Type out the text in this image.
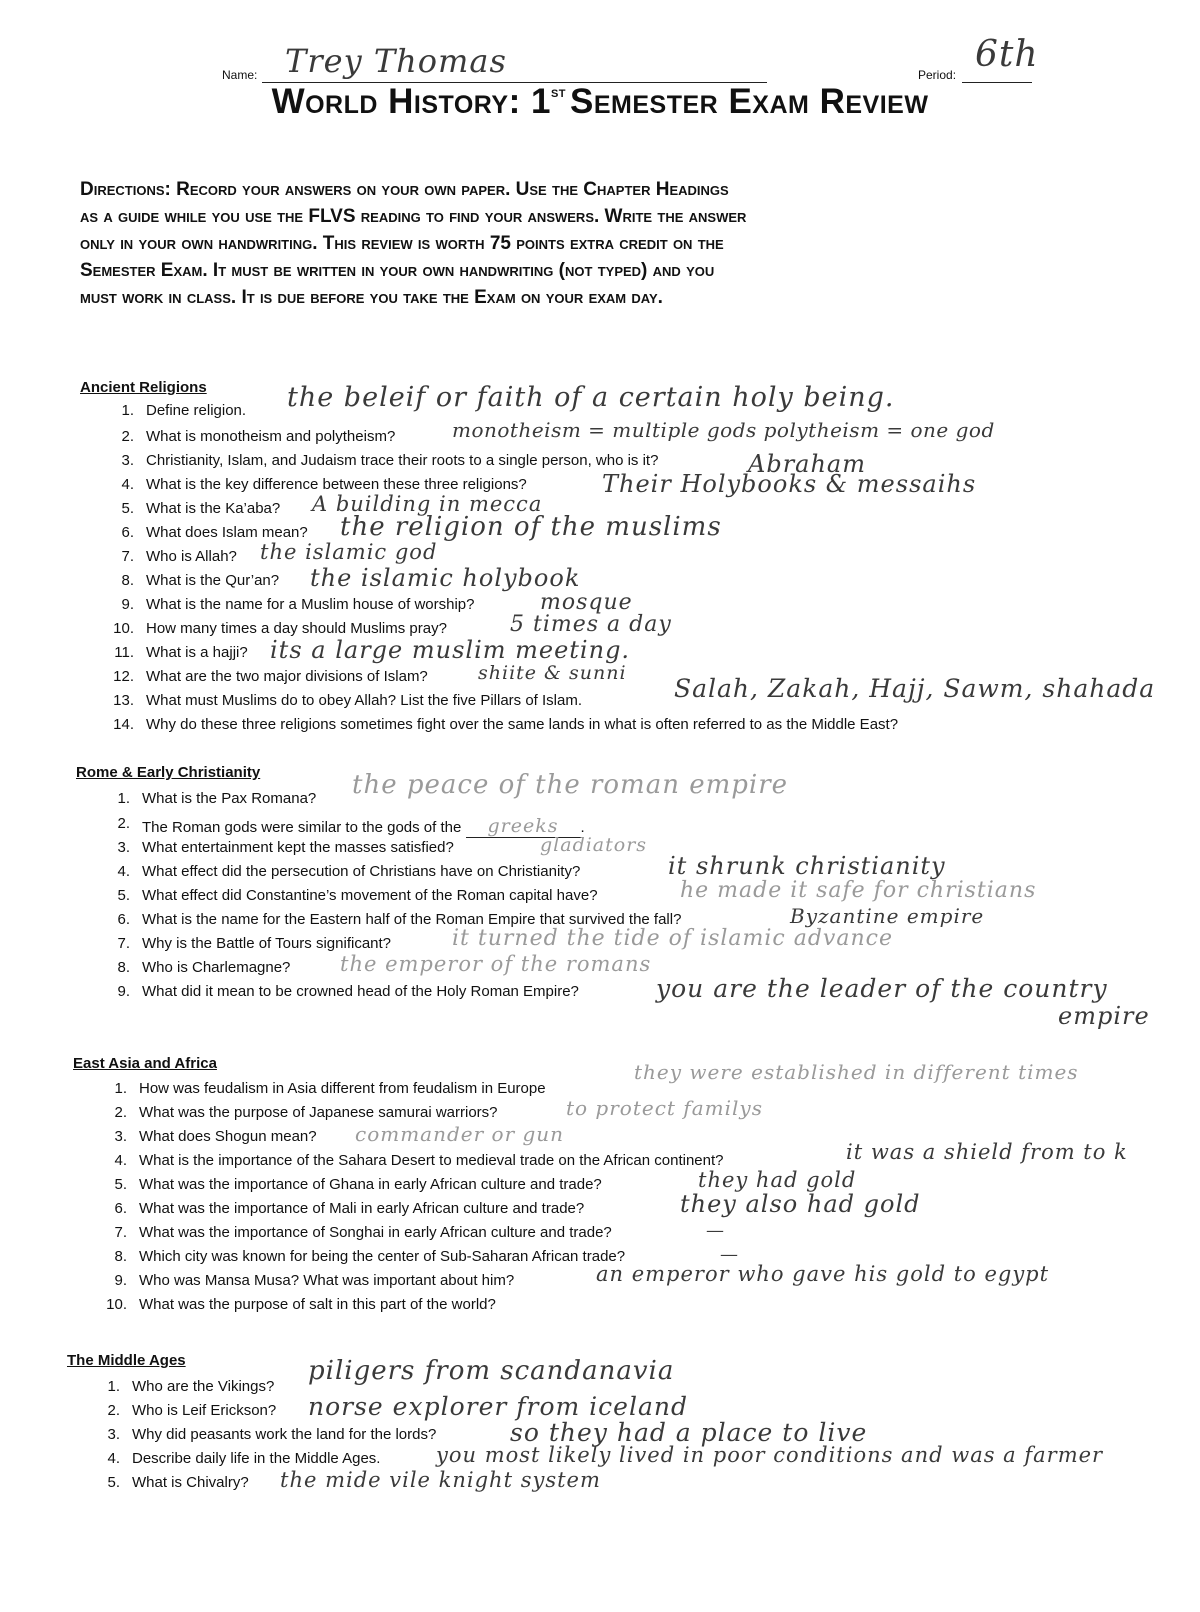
Name: Trey Thomas	Period: 6th
World History: 1st Semester Exam Review
Directions: Record your answers on your own paper. Use the Chapter Headings
as a guide while you use the FLVS reading to find your answers. Write the answer
only in your own handwriting. This review is worth 75 points extra credit on the
Semester Exam. It must be written in your own handwriting (not typed) and you
must work in class. It is due before you take the Exam on your exam day.
Ancient Religions
1. Define religion. the beleif or faith of a certain holy being.
2. What is monotheism and polytheism?	monotheism = multiple gods polytheism = one god
3. Christianity, Islam, and Judaism trace their roots to a single person, who is it?	Abraham
4. What is the key difference between these three religions?	Their Holybooks & messaihs
5. What is the Ka’aba? A building in mecca
6. What does Islam mean? the religion of the muslims
7. Who is Allah? the islamic god
8. What is the Qur’an? the islamic holybook
9. What is the name for a Muslim house of worship?	mosque
10. How many times a day should Muslims pray?	5 times a day
11. What is a hajji? its a large muslim meeting.
12. What are the two major divisions of Islam?	shiite & sunni
13. What must Muslims do to obey Allah? List the five Pillars of Islam.	Salah, Zakah, Hajj, Sawm, shahada
14. Why do these three religions sometimes fight over the same lands in what is often referred to as the Middle East?
Rome & Early Christianity
1. What is the Pax Romana? the peace of the roman empire
2. The Roman gods were similar to the gods of the greeks .
3. What entertainment kept the masses satisfied?	gladiators
4. What effect did the persecution of Christians have on Christianity?	it shrunk christianity
5. What effect did Constantine’s movement of the Roman capital have?	he made it safe for christians
6. What is the name for the Eastern half of the Roman Empire that survived the fall?	Byzantine empire
7. Why is the Battle of Tours significant?	it turned the tide of islamic advance
8. Who is Charlemagne? the emperor of the romans
9. What did it mean to be crowned head of the Holy Roman Empire?	you are the leader of the country
empire
East Asia and Africa
1. How was feudalism in Asia different from feudalism in Europe
they were established in different times
2. What was the purpose of Japanese samurai warriors?	to protect familys
3. What does Shogun mean? commander or gun
4. What is the importance of the Sahara Desert to medieval trade on the African continent?	it was a shield from to k
5. What was the importance of Ghana in early African culture and trade?	they had gold
6. What was the importance of Mali in early African culture and trade?	they also had gold
7. What was the importance of Songhai in early African culture and trade?	—
8. Which city was known for being the center of Sub-Saharan African trade?	—
9. Who was Mansa Musa? What was important about him?	an emperor who gave his gold to egypt
10. What was the purpose of salt in this part of the world?
The Middle Ages
1. Who are the Vikings?
piligers from scandanavia
2. Who is Leif Erickson? norse explorer from iceland
3. Why did peasants work the land for the lords?	so they had a place to live
4. Describe daily life in the Middle Ages.	you most likely lived in poor conditions and was a farmer
5. What is Chivalry? the mide vile knight system
